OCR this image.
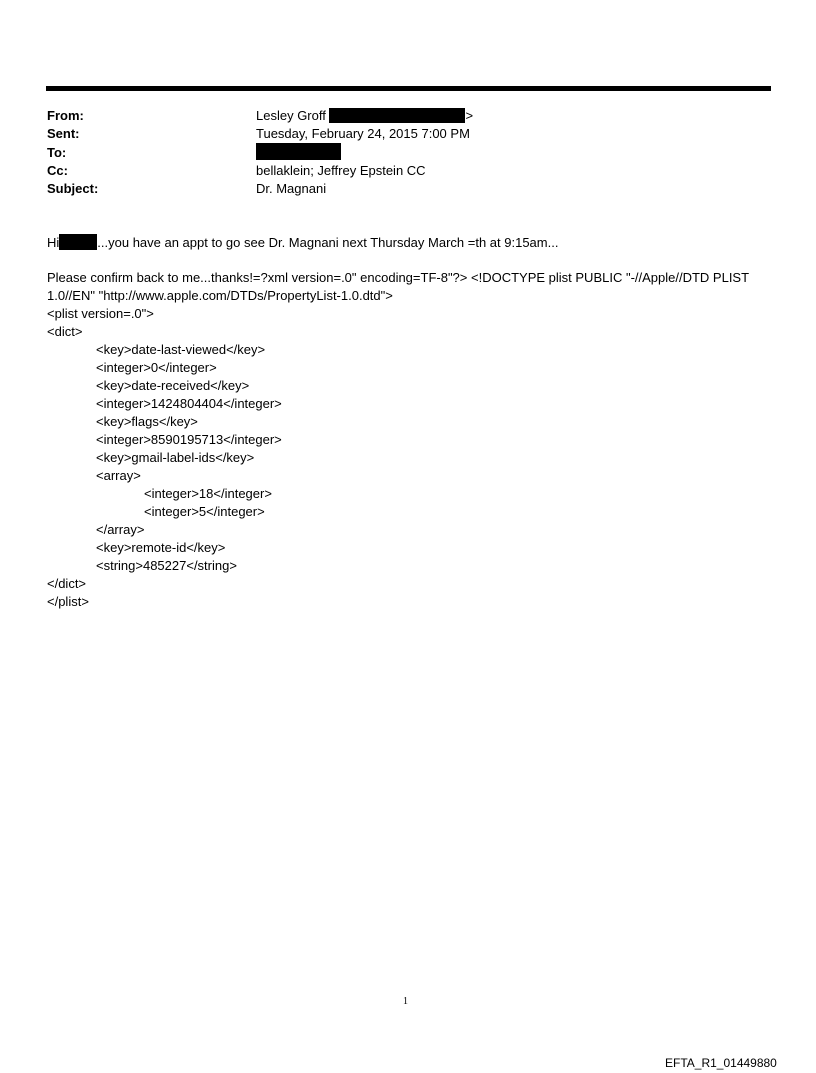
From:	Lesley Groff	>
Sent:	Tuesday, February 24, 2015 7:00 PM
To:
Cc:	bellaklein; Jeffrey Epstein CC
Subject:	Dr. Magnani
Hi	...you have an appt to go see Dr. Magnani next Thursday March =th at 9:15am...
Please confirm back to me...thanks!=?xml version=.0" encoding=TF-8"?> <!DOCTYPE plist PUBLIC "-//Apple//DTD PLIST
1.0//EN" "http://www.apple.com/DTDs/PropertyList-1.0.dtd">
<plist version=.0">
<dict>
<key>date-last-viewed</key>
<integer>0</integer>
<key>date-received</key>
<integer>1424804404</integer>
<key>flags</key>
<integer>8590195713</integer>
<key>gmail-label-ids</key>
<array>
<integer>18</integer>
<integer>5</integer>
</array>
<key>remote-id</key>
<string>485227</string>
</dict>
</plist>
1
EFTA_R1_01449880
